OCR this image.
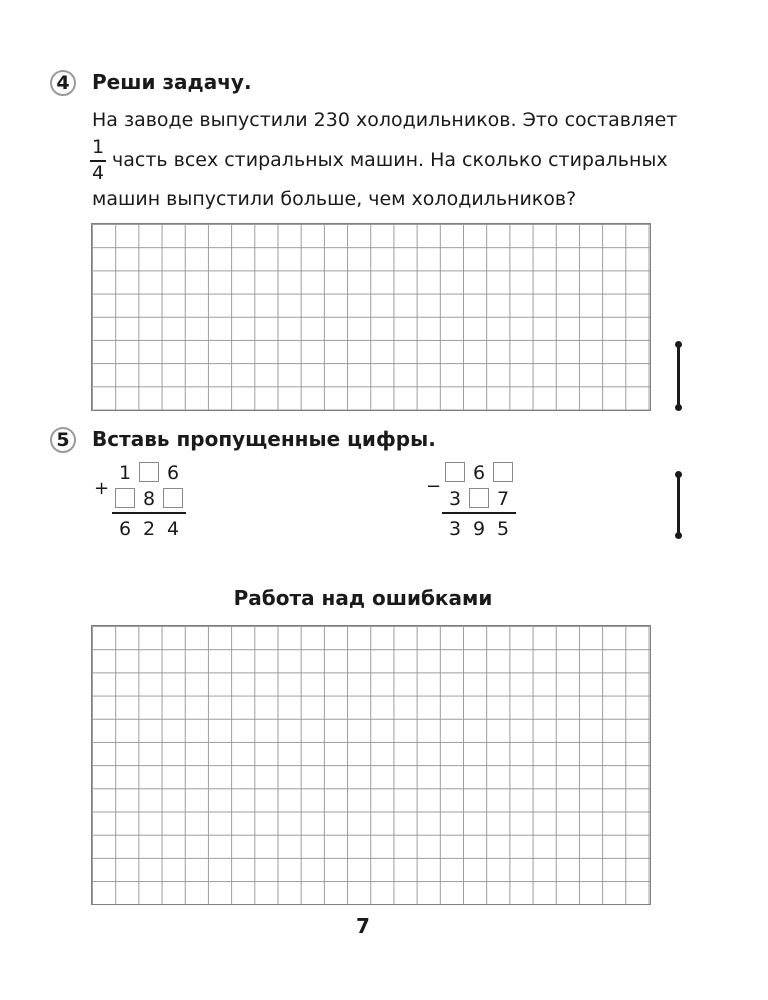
4 Реши задачу.
На заводе выпустили 230 холодильников. Это составляет
1
4
часть всех стиральных машин. На сколько стиральных
машин выпустили больше, чем холодильников?
5 Вставь пропущенные цифры.
+
1 6
8
6 2 4
−
6
3 7
3 9 5
Работа над ошибками
7
